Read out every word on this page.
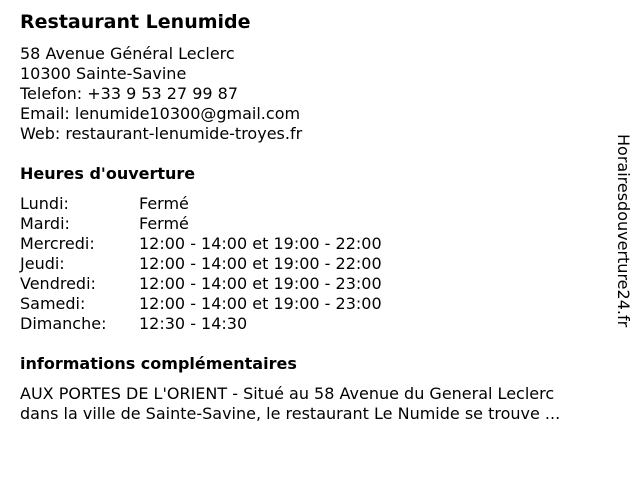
Restaurant Lenumide
58 Avenue Général Leclerc
10300 Sainte-Savine
Telefon: +33 9 53 27 99 87
Email: lenumide10300@gmail.com
Web: restaurant-lenumide-troyes.fr
Heures d'ouverture
Lundi:	Fermé
Mardi:	Fermé
Mercredi:	12:00 - 14:00 et 19:00 - 22:00
Jeudi:	12:00 - 14:00 et 19:00 - 22:00
Vendredi:	12:00 - 14:00 et 19:00 - 23:00
Samedi:	12:00 - 14:00 et 19:00 - 23:00
Dimanche: 12:30 - 14:30
informations complémentaires
AUX PORTES DE L'ORIENT - Situé au 58 Avenue du General Leclerc
dans la ville de Sainte-Savine, le restaurant Le Numide se trouve ...
Horairesdouverture24.fr
